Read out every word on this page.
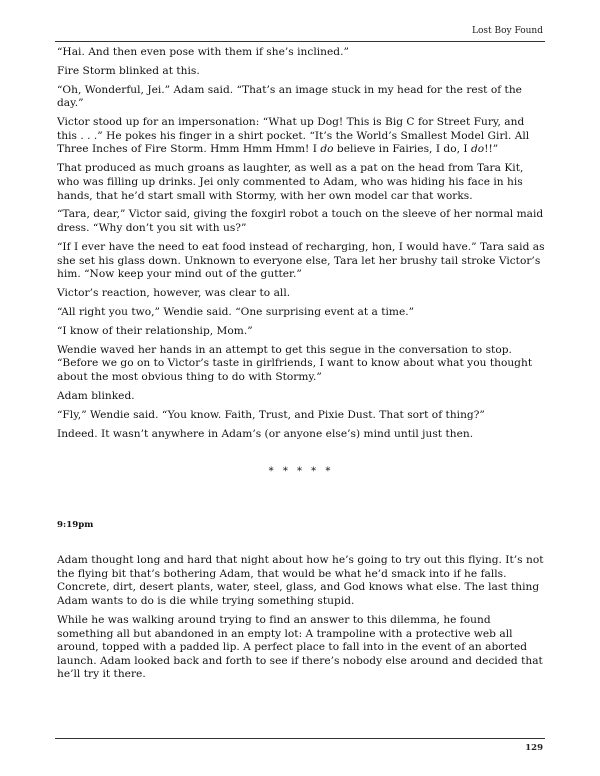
Lost Boy Found

“Hai. And then even pose with them if she’s inclined.”

Fire Storm blinked at this.

“Oh, Wonderful, Jei.” Adam said. “That’s an image stuck in my head for the rest of the day.”

Victor stood up for an impersonation: “What up Dog! This is Big C for Street Fury, and this . . .” He pokes his finger in a shirt pocket. “It’s the World’s Smallest Model Girl. All Three Inches of Fire Storm. Hmm Hmm Hmm! I do believe in Fairies, I do, I do!!”

That produced as much groans as laughter, as well as a pat on the head from Tara Kit, who was filling up drinks. Jei only commented to Adam, who was hiding his face in his hands, that he’d start small with Stormy, with her own model car that works.

“Tara, dear,” Victor said, giving the foxgirl robot a touch on the sleeve of her normal maid dress. “Why don’t you sit with us?”

“If I ever have the need to eat food instead of recharging, hon, I would have.” Tara said as she set his glass down. Unknown to everyone else, Tara let her brushy tail stroke Victor’s him. “Now keep your mind out of the gutter.”

Victor’s reaction, however, was clear to all.

“All right you two,” Wendie said. “One surprising event at a time.”

“I know of their relationship, Mom.”

Wendie waved her hands in an attempt to get this segue in the conversation to stop. “Before we go on to Victor’s taste in girlfriends, I want to know about what you thought about the most obvious thing to do with Stormy.”

Adam blinked.

“Fly,” Wendie said. “You know. Faith, Trust, and Pixie Dust. That sort of thing?”

Indeed. It wasn’t anywhere in Adam’s (or anyone else’s) mind until just then.

* * * * *
9:19pm

Adam thought long and hard that night about how he’s going to try out this flying. It’s not the flying bit that’s bothering Adam, that would be what he’d smack into if he falls. Concrete, dirt, desert plants, water, steel, glass, and God knows what else. The last thing Adam wants to do is die while trying something stupid.

While he was walking around trying to find an answer to this dilemma, he found something all but abandoned in an empty lot: A trampoline with a protective web all around, topped with a padded lip. A perfect place to fall into in the event of an aborted launch. Adam looked back and forth to see if there’s nobody else around and decided that he’ll try it there.

129
